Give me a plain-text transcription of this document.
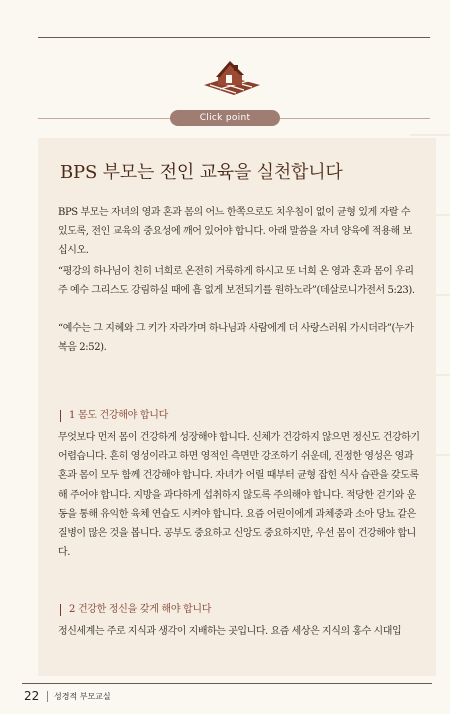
Click point
BPS 부모는 전인 교육을 실천합니다
BPS 부모는 자녀의 영과 혼과 몸의 어느 한쪽으로도 치우침이 없이 균형 있게 자랄 수 있도록, 전인 교육의 중요성에 깨어 있어야 합니다. 아래 말씀을 자녀 양육에 적용해 보십시오.
“평강의 하나님이 친히 너희로 온전히 거룩하게 하시고 또 너희 온 영과 혼과 몸이 우리 주 예수 그리스도 강림하실 때에 흠 없게 보전되기를 원하노라”(데살로니가전서 5:23).
“예수는 그 지혜와 그 키가 자라가며 하나님과 사람에게 더 사랑스러워 가시더라”(누가복음 2:52).
1 몸도 건강해야 합니다
무엇보다 먼저 몸이 건강하게 성장해야 합니다. 신체가 건강하지 않으면 정신도 건강하기 어렵습니다. 흔히 영성이라고 하면 영적인 측면만 강조하기 쉬운데, 진정한 영성은 영과 혼과 몸이 모두 함께 건강해야 합니다. 자녀가 어릴 때부터 균형 잡힌 식사 습관을 갖도록 해 주어야 합니다. 지방을 과다하게 섭취하지 않도록 주의해야 합니다. 적당한 걷기와 운동을 통해 유익한 육체 연습도 시켜야 합니다. 요즘 어린이에게 과체중과 소아 당뇨 같은 질병이 많은 것을 봅니다. 공부도 중요하고 신앙도 중요하지만, 우선 몸이 건강해야 합니다.
2 건강한 정신을 갖게 해야 합니다
정신세계는 주로 지식과 생각이 지배하는 곳입니다. 요즘 세상은 지식의 홍수 시대입
22 성경적 부모교실
